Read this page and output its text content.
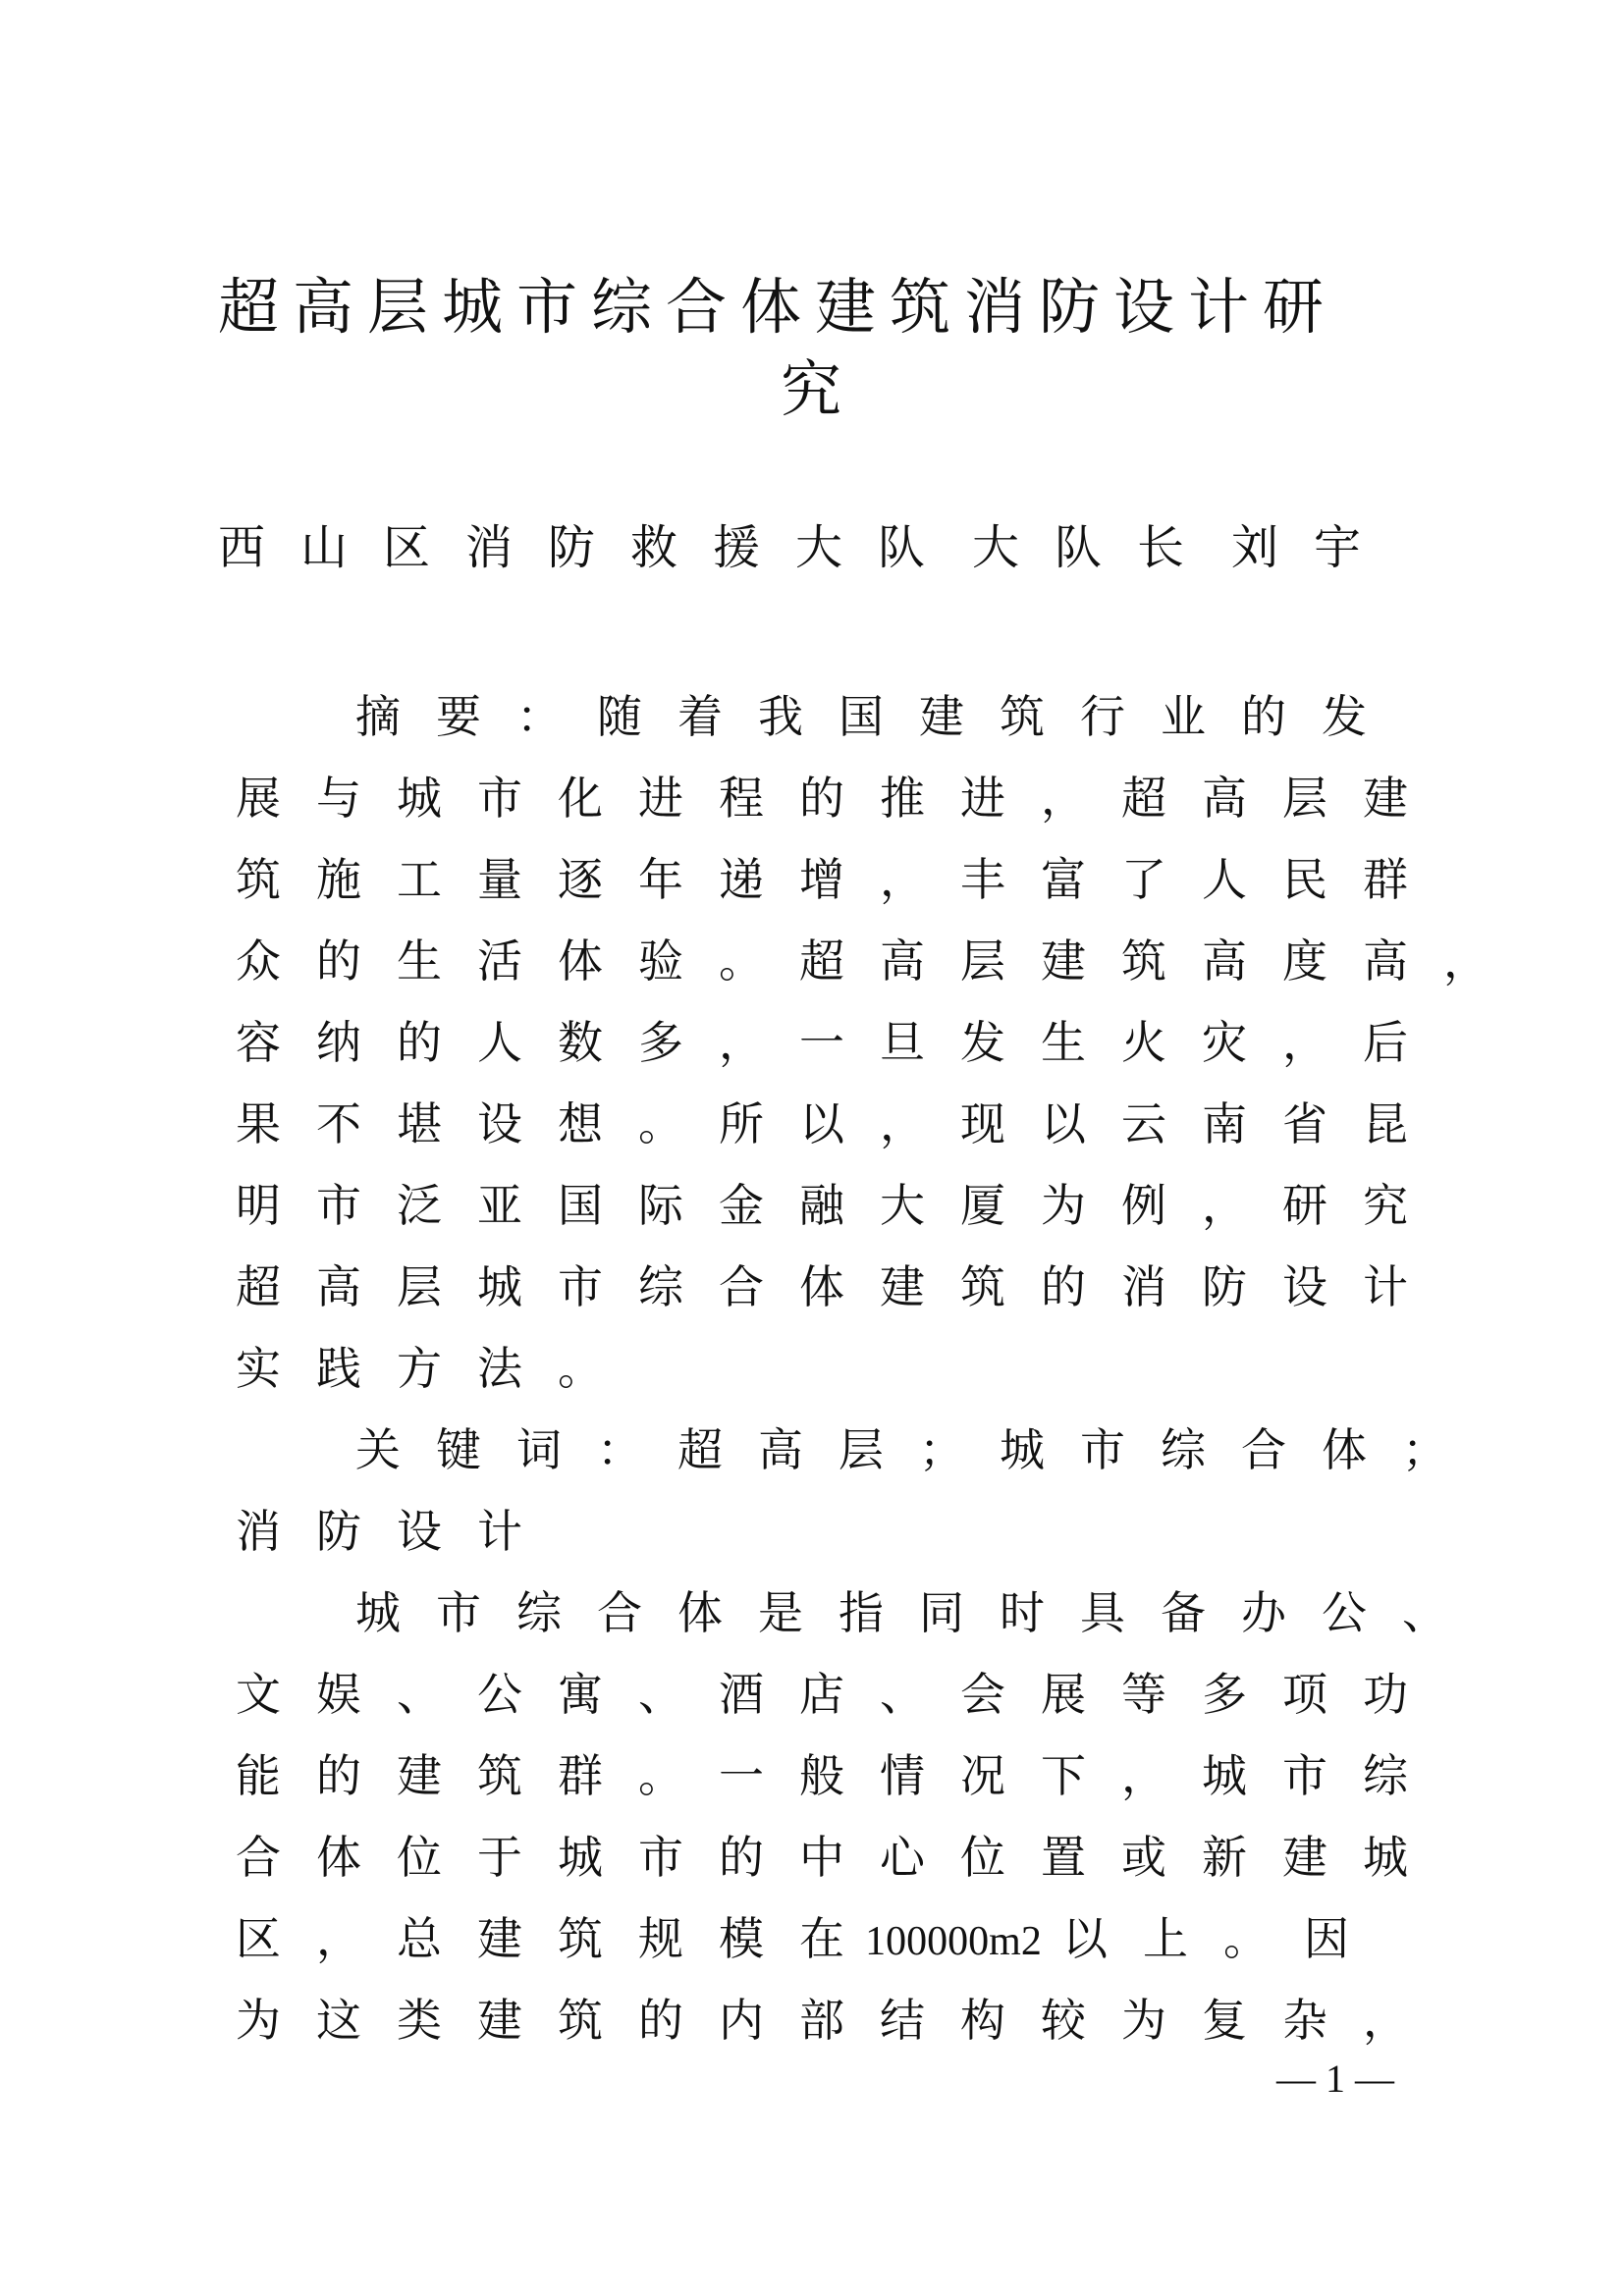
超高层城市综合体建筑消防设计研
究
西山区消防救援大队 大队长 刘宇
摘 要 ： 随 着 我 国 建 筑 行 业 的 发
展 与 城 市 化 进 程 的 推 进 ， 超 高 层 建
筑 施 工 量 逐 年 递 增 ， 丰 富 了 人 民 群
众 的 生 活 体 验 。 超 高 层 建 筑 高 度 高 ，
容 纳 的 人 数 多 ， 一 旦 发 生 火 灾 ， 后
果 不 堪 设 想 。 所 以 ， 现 以 云 南 省 昆
明 市 泛 亚 国 际 金 融 大 厦 为 例 ， 研 究
超 高 层 城 市 综 合 体 建 筑 的 消 防 设 计
实 践 方 法 。
关 键 词 ： 超 高 层 ； 城 市 综 合 体 ；
消 防 设 计
城 市 综 合 体 是 指 同 时 具 备 办 公 、
文 娱 、 公 寓 、 酒 店 、 会 展 等 多 项 功
能 的 建 筑 群 。 一 般 情 况 下 ， 城 市 综
合 体 位 于 城 市 的 中 心 位 置 或 新 建 城
区 ， 总 建 筑 规 模 在 100000m2 以 上 。 因
为 这 类 建 筑 的 内 部 结 构 较 为 复 杂 ，
— 1 —
